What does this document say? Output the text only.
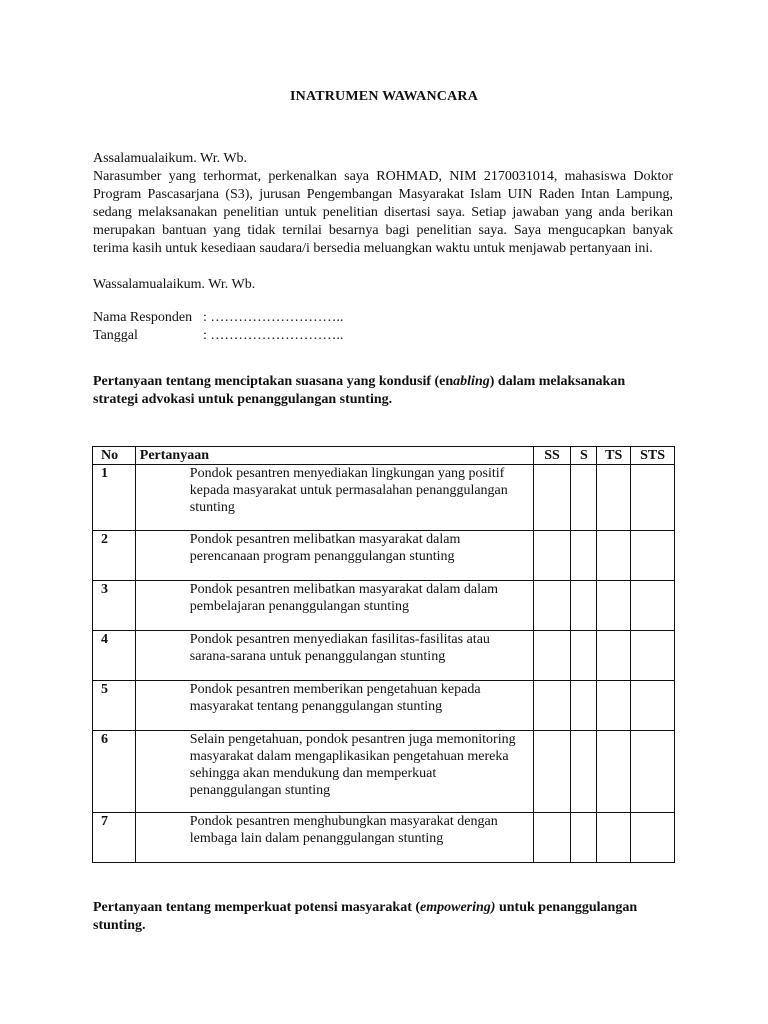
INATRUMEN WAWANCARA

Assalamualaikum. Wr. Wb.

Narasumber yang terhormat, perkenalkan saya ROHMAD, NIM 2170031014, mahasiswa Doktor Program Pascasarjana (S3), jurusan Pengembangan Masyarakat Islam UIN Raden Intan Lampung, sedang melaksanakan penelitian untuk penelitian disertasi saya. Setiap jawaban yang anda berikan merupakan bantuan yang tidak ternilai besarnya bagi penelitian saya. Saya mengucapkan banyak terima kasih untuk kesediaan saudara/i bersedia meluangkan waktu untuk menjawab pertanyaan ini.

Wassalamualaikum. Wr. Wb.

Nama Responden : ………………………..
Tanggal	: ………………………..
Pertanyaan tentang menciptakan suasana yang kondusif (enabling) dalam melaksanakan strategi advokasi untuk penanggulangan stunting.
No	Pertanyaan	SS	S	TS	STS
1	Pondok pesantren menyediakan lingkungan yang positif kepada masyarakat untuk permasalahan penanggulangan stunting				

2	Pondok pesantren melibatkan masyarakat dalam perencanaan program penanggulangan stunting				

3	Pondok pesantren melibatkan masyarakat dalam dalam pembelajaran penanggulangan stunting				

4	Pondok pesantren menyediakan fasilitas-fasilitas atau sarana-sarana untuk penanggulangan stunting				

5	Pondok pesantren memberikan pengetahuan kepada masyarakat tentang penanggulangan stunting				

6	Selain pengetahuan, pondok pesantren juga memonitoring masyarakat dalam mengaplikasikan pengetahuan mereka sehingga akan mendukung dan memperkuat penanggulangan stunting				

7	Pondok pesantren menghubungkan masyarakat dengan lembaga lain dalam penanggulangan stunting				

Pertanyaan tentang memperkuat potensi masyarakat (empowering) untuk penanggulangan stunting.
